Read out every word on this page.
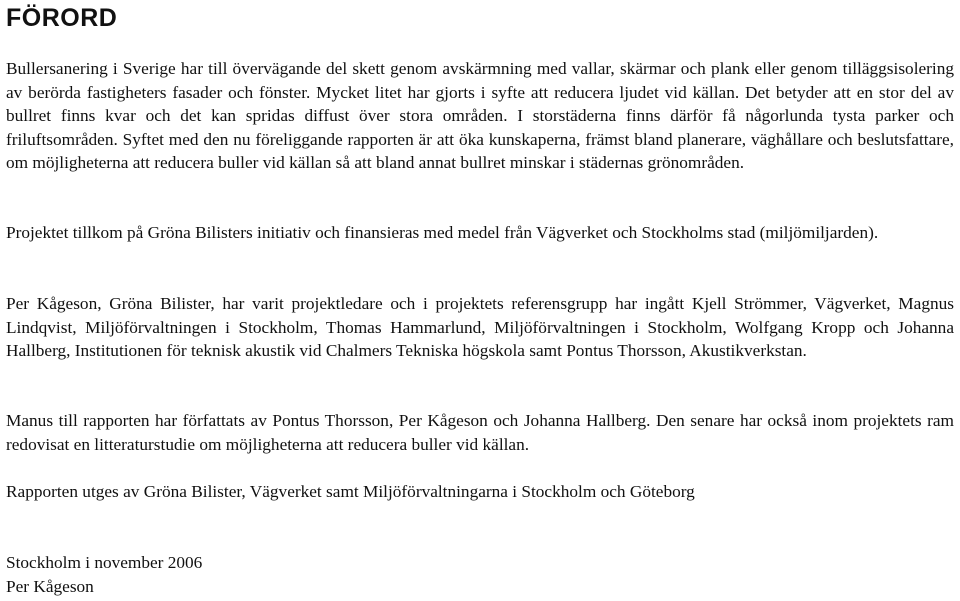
FÖRORD

Bullersanering i Sverige har till övervägande del skett genom avskärmning med vallar, skärmar och plank eller genom tilläggsisolering av berörda fastigheters fasader och fönster. Mycket litet har gjorts i syfte att reducera ljudet vid källan. Det betyder att en stor del av bullret finns kvar och det kan spridas diffust över stora områden. I storstäderna finns därför få någorlunda tysta parker och friluftsområden. Syftet med den nu föreliggande rapporten är att öka kunskaperna, främst bland planerare, väghållare och beslutsfattare, om möjligheterna att reducera buller vid källan så att bland annat bullret minskar i städernas grönområden.

Projektet tillkom på Gröna Bilisters initiativ och finansieras med medel från Vägverket och Stockholms stad (miljömiljarden).

Per Kågeson, Gröna Bilister, har varit projektledare och i projektets referensgrupp har ingått Kjell Strömmer, Vägverket, Magnus Lindqvist, Miljöförvaltningen i Stockholm, Thomas Hammarlund, Miljöförvaltningen i Stockholm, Wolfgang Kropp och Johanna Hallberg, Institutionen för teknisk akustik vid Chalmers Tekniska högskola samt Pontus Thorsson, Akustikverkstan.

Manus till rapporten har författats av Pontus Thorsson, Per Kågeson och Johanna Hallberg. Den senare har också inom projektets ram redovisat en litteraturstudie om möjligheterna att reducera buller vid källan.

Rapporten utges av Gröna Bilister, Vägverket samt Miljöförvaltningarna i Stockholm och Göteborg

Stockholm i november 2006
Per Kågeson
